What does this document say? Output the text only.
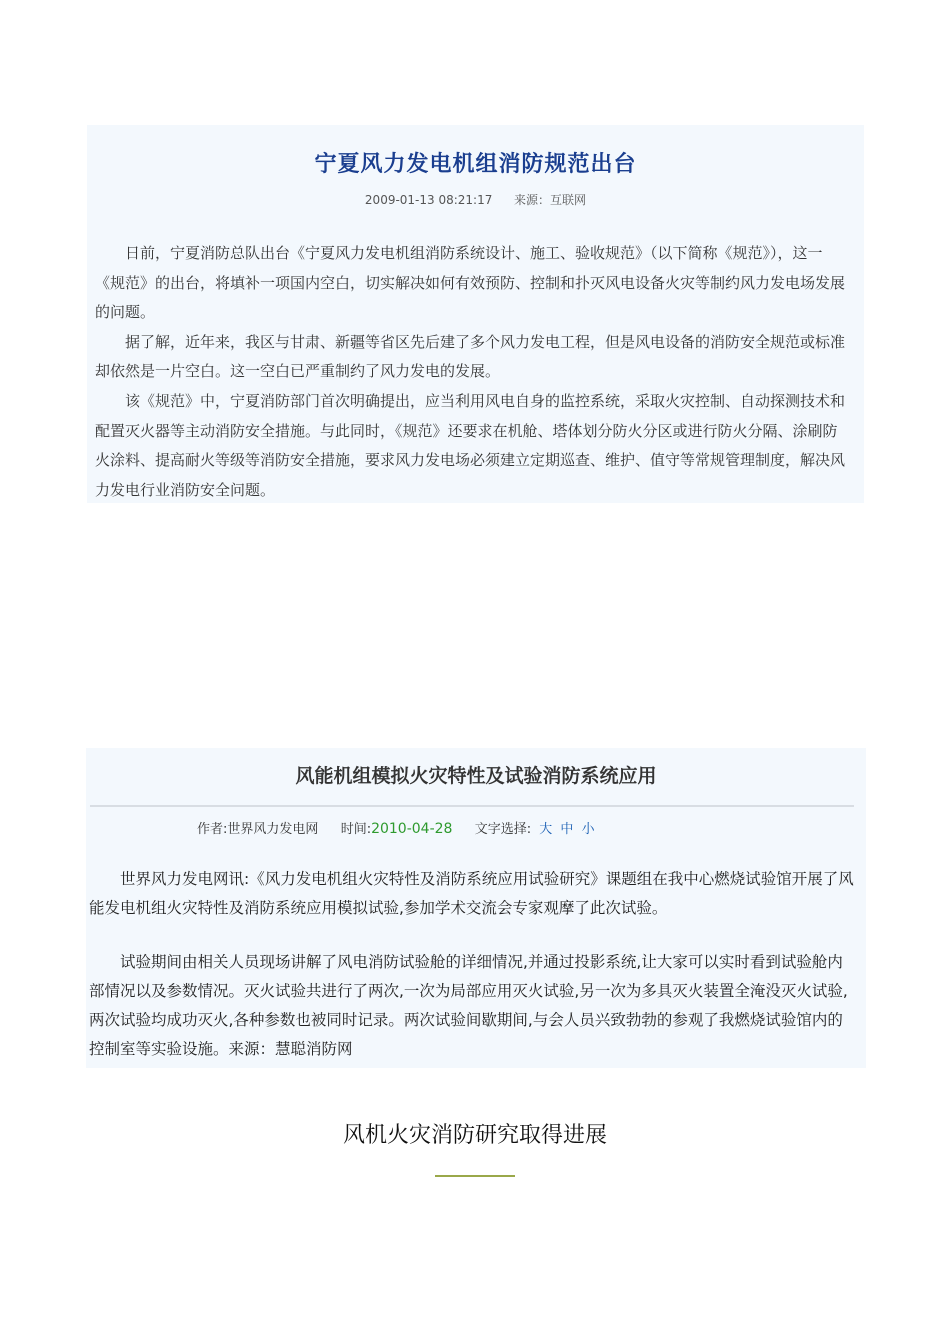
宁夏风力发电机组消防规范出台
2009-01-13 08:21:17 来源：互联网

日前，宁夏消防总队出台《宁夏风力发电机组消防系统设计、施工、验收规范》（以下简称《规范》），这一《规范》的出台，将填补一项国内空白，切实解决如何有效预防、控制和扑灭风电设备火灾等制约风力发电场发展的问题。

据了解，近年来，我区与甘肃、新疆等省区先后建了多个风力发电工程，但是风电设备的消防安全规范或标准却依然是一片空白。这一空白已严重制约了风力发电的发展。

该《规范》中，宁夏消防部门首次明确提出，应当利用风电自身的监控系统，采取火灾控制、自动探测技术和配置灭火器等主动消防安全措施。与此同时，《规范》还要求在机舱、塔体划分防火分区或进行防火分隔、涂刷防火涂料、提高耐火等级等消防安全措施，要求风力发电场必须建立定期巡查、维护、值守等常规管理制度，解决风力发电行业消防安全问题。

风能机组模拟火灾特性及试验消防系统应用
作者:世界风力发电网 时间:2010-04-28 文字选择: 大 中 小

世界风力发电网讯:《风力发电机组火灾特性及消防系统应用试验研究》课题组在我中心燃烧试验馆开展了风能发电机组火灾特性及消防系统应用模拟试验,参加学术交流会专家观摩了此次试验。

试验期间由相关人员现场讲解了风电消防试验舱的详细情况,并通过投影系统,让大家可以实时看到试验舱内部情况以及参数情况。灭火试验共进行了两次,一次为局部应用灭火试验,另一次为多具灭火装置全淹没灭火试验,两次试验均成功灭火,各种参数也被同时记录。两次试验间歇期间,与会人员兴致勃勃的参观了我燃烧试验馆内的控制室等实验设施。来源：慧聪消防网

风机火灾消防研究取得进展
